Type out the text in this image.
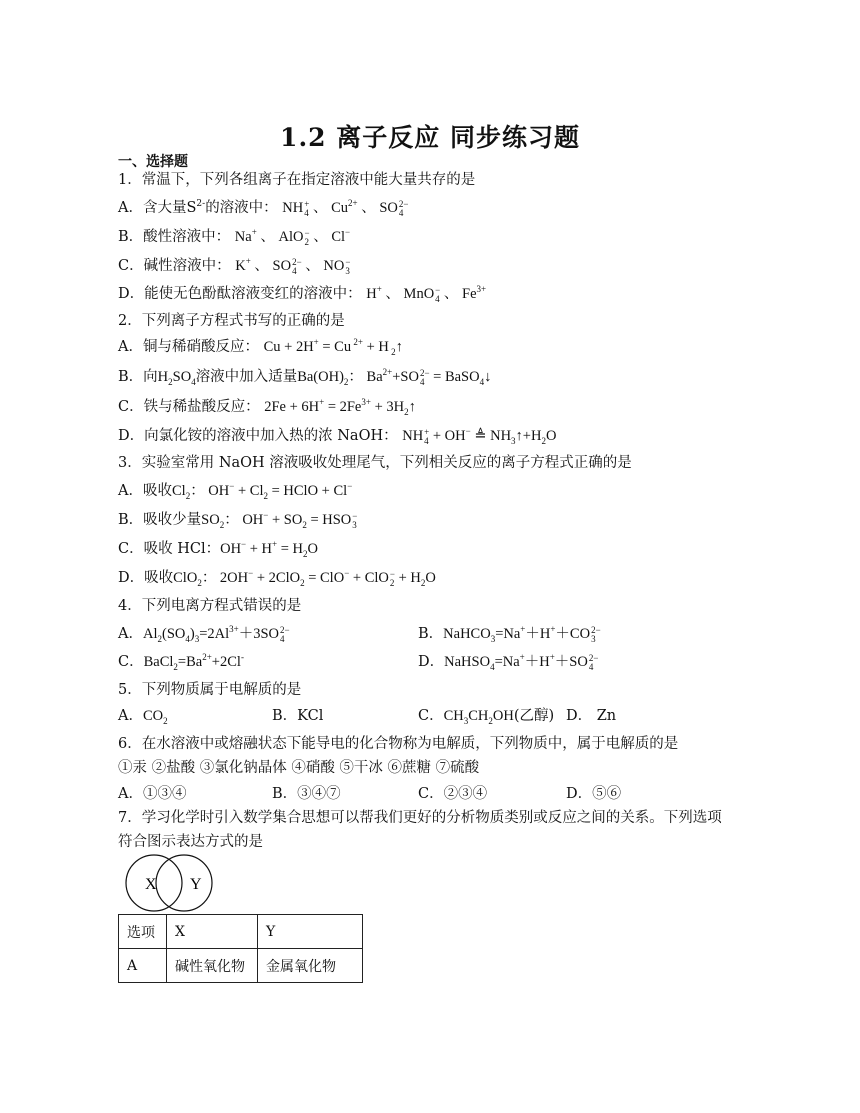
1.2 离子反应 同步练习题
一、选择题
1．常温下，下列各组离子在指定溶液中能大量共存的是
A．含大量$S^{2-}$的溶液中： NH +
4 、 $Cu^{2+}$ 、 SO 2−
4
B．酸性溶液中： Na+ 、 AlO −
2 、 Cl−
C．碱性溶液中： K+ 、 SO 2−
4 、 NO −
3
D．能使无色酚酞溶液变红的溶液中： H+ 、 MnO −
4 、 $Fe^{3+}$
2．下列离子方程式书写的正确的是
A．铜与稀硝酸反应： Cu + 2H+ = Cu $^{2+}$ + H $_2$↑
B．向$H_2SO_4$溶液中加入适量$Ba(OH)_2$： $Ba^{2+}+SO$ 2−
4 = BaSO$_4$↓
C．铁与稀盐酸反应： $2Fe + 6H^+ = 2Fe^{3+}$ + $3H_2↑$
D．向氯化铵的溶液中加入热的浓 NaOH： NH +
4 + OH− ≜ $NH_3↑+H_2O$
3．实验室常用 NaOH 溶液吸收处理尾气，下列相关反应的离子方程式正确的是
A．吸收$Cl_2$： $OH^- + Cl_2$ = HClO + Cl−
B．吸收少量$SO_2$： $OH^- + SO_2$ = HSO −
3
C．吸收 HCl：$OH^- + H^+ = H_2O$
D．吸收ClO$_2$： 2OH− + 2ClO$_2$ = ClO− + ClO −
$2 + H_2O$
4．下列电离方程式错误的是
A．$Al_2(SO_4)_3=2Al^{3+}+3SO$ 2−
4	B．NaHCO$_3$=Na+＋H+＋CO 2−
3
C．$BaCl_2=Ba^{2+}+2Cl^-$	D．NaHSO$_4$=Na+＋H+＋SO 2−
4
5．下列物质属于电解质的是
A．$CO_2$	B．KCl	C．$CH_3CH_2OH$(乙醇) D． Zn
6．在水溶液中或熔融状态下能导电的化合物称为电解质，下列物质中，属于电解质的是
①汞 ②盐酸 ③氯化钠晶体 ④硝酸 ⑤干冰 ⑥蔗糖 ⑦硫酸
A．①③④	B．③④⑦	C．②③④	D．⑤⑥
7．学习化学时引入数学集合思想可以帮我们更好的分析物质类别或反应之间的关系。下列选项
符合图示表达方式的是
X Y
选项	X	Y
A	碱性氧化物	金属氧化物
